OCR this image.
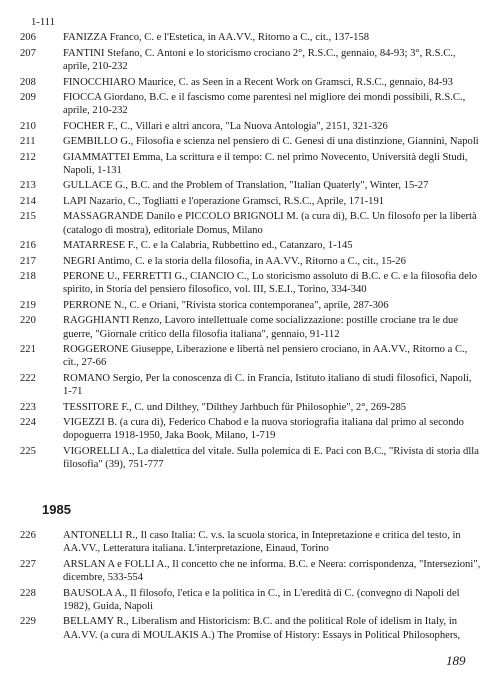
1-111
206	FANIZZA Franco, C. e l'Estetica, in AA.VV., Ritorno a C., cit., 137-158
207	FANTINI Stefano, C. Antoni e lo storicismo crociano 2°, R.S.C., gennaio, 84-93; 3°, R.S.C., aprile, 210-232
208	FINOCCHIARO Maurice, C. as Seen in a Recent Work on Gramsci, R.S.C., gennaio, 84-93
209	FIOCCA Giordano, B.C. e il fascismo come parentesi nel migliore dei mondi possibili, R.S.C., aprile, 210-232
210	FOCHER F., C., Villari e altri ancora, "La Nuova Antologia", 2151, 321-326
211	GEMBILLO G., Filosofia e scienza nel pensiero di C. Genesi di una distinzione, Giannini, Napoli
212	GIAMMATTEI Emma, La scrittura e il tempo: C. nel primo Novecento, Università degli Studi, Napoli, 1-131
213	GULLACE G., B.C. and the Problem of Translation, "Italian Quaterly", Winter, 15-27
214	LAPI Nazario, C., Togliatti e l'operazione Gramsci, R.S.C., Aprile, 171-191
215	MASSAGRANDE Danilo e PICCOLO BRIGNOLI M. (a cura di), B.C. Un filosofo per la libertà (catalogo di mostra), editoriale Domus, Milano
216	MATARRESE F., C. e la Calabria, Rubbettino ed., Catanzaro, 1-145
217	NEGRI Antimo, C. e la storia della filosofia, in AA.VV., Ritorno a C., cit., 15-26
218	PERONE U., FERRETTI G., CIANCIO C., Lo storicismo assoluto di B.C. e C. e la filosofia delo spirito, in Storia del pensiero filosofico, vol. III, S.E.I., Torino, 334-340
219	PERRONE N., C. e Oriani, "Rivista storica contemporanea", aprile, 287-306
220	RAGGHIANTI Renzo, Lavoro intellettuale come socializzazione: postille crociane tra le due guerre, "Giornale critico della filosofia italiana", gennaio, 91-112
221	ROGGERONE Giuseppe, Liberazione e libertà nel pensiero crociano, in AA.VV., Ritorno a C., cit., 27-66
222	ROMANO Sergio, Per la conoscenza di C. in Francia, Istituto italiano di studi filosofici, Napoli, 1-71
223	TESSITORE F., C. und Dilthey, "Dilthey Jarhbuch für Philosophie", 2°, 269-285
224	VIGEZZI B. (a cura di), Federico Chabod e la nuova storiografia italiana dal primo al secondo dopoguerra 1918-1950, Jaka Book, Milano, 1-719
225	VIGORELLI A., La dialettica del vitale. Sulla polemica di E. Paci con B.C., "Rivista di storia dlla filosofia" (39), 751-777
1985
226	ANTONELLI R., Il caso Italia: C. v.s. la scuola storica, in Intepretazione e critica del testo, in AA.VV., Letteratura italiana. L'interpretazione, Einaud, Torino
227	ARSLAN A e FOLLI A., Il concetto che ne informa. B.C. e Neera: corrispondenza, "Intersezioni", dicembre, 533-554
228	BAUSOLA A., Il filosofo, l'etica e la politica in C., in L'eredità di C. (convegno di Napoli del 1982), Guida, Napoli
229	BELLAMY R., Liberalism and Historicism: B.C. and the political Role of idelism in Italy, in AA.VV. (a cura di MOULAKIS A.) The Promise of History: Essays in Political Philosophers,
189
